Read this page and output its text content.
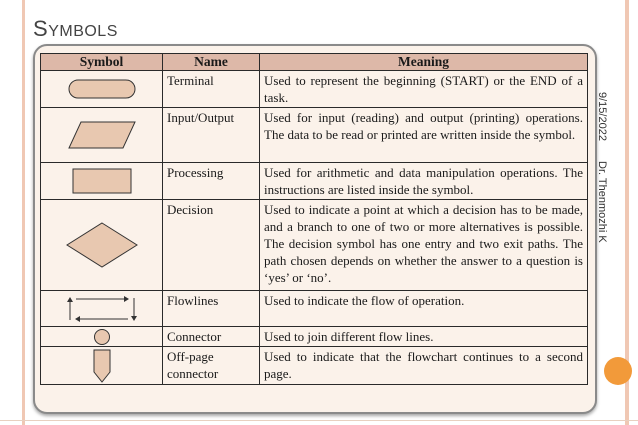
SYMBOLS
Symbol	Name	Meaning

	Terminal	Used to represent the beginning (START) or the END of a task.

	Input/Output	Used for input (reading) and output (printing) operations. The data to be read or printed are written inside the symbol.

	Processing	Used for arithmetic and data manipulation operations. The instructions are listed inside the symbol.

	Decision	Used to indicate a point at which a decision has to be made, and a branch to one of two or more alternatives is possible. The decision symbol has one entry and two exit paths. The path chosen depends on whether the answer to a question is ‘yes’ or ‘no’.

	Flowlines	Used to indicate the flow of operation.

	Connector	Used to join different flow lines.

	Off-page connector	Used to indicate that the flowchart continues to a second page.
9/15/2022  Dr. Thenmozhi K
